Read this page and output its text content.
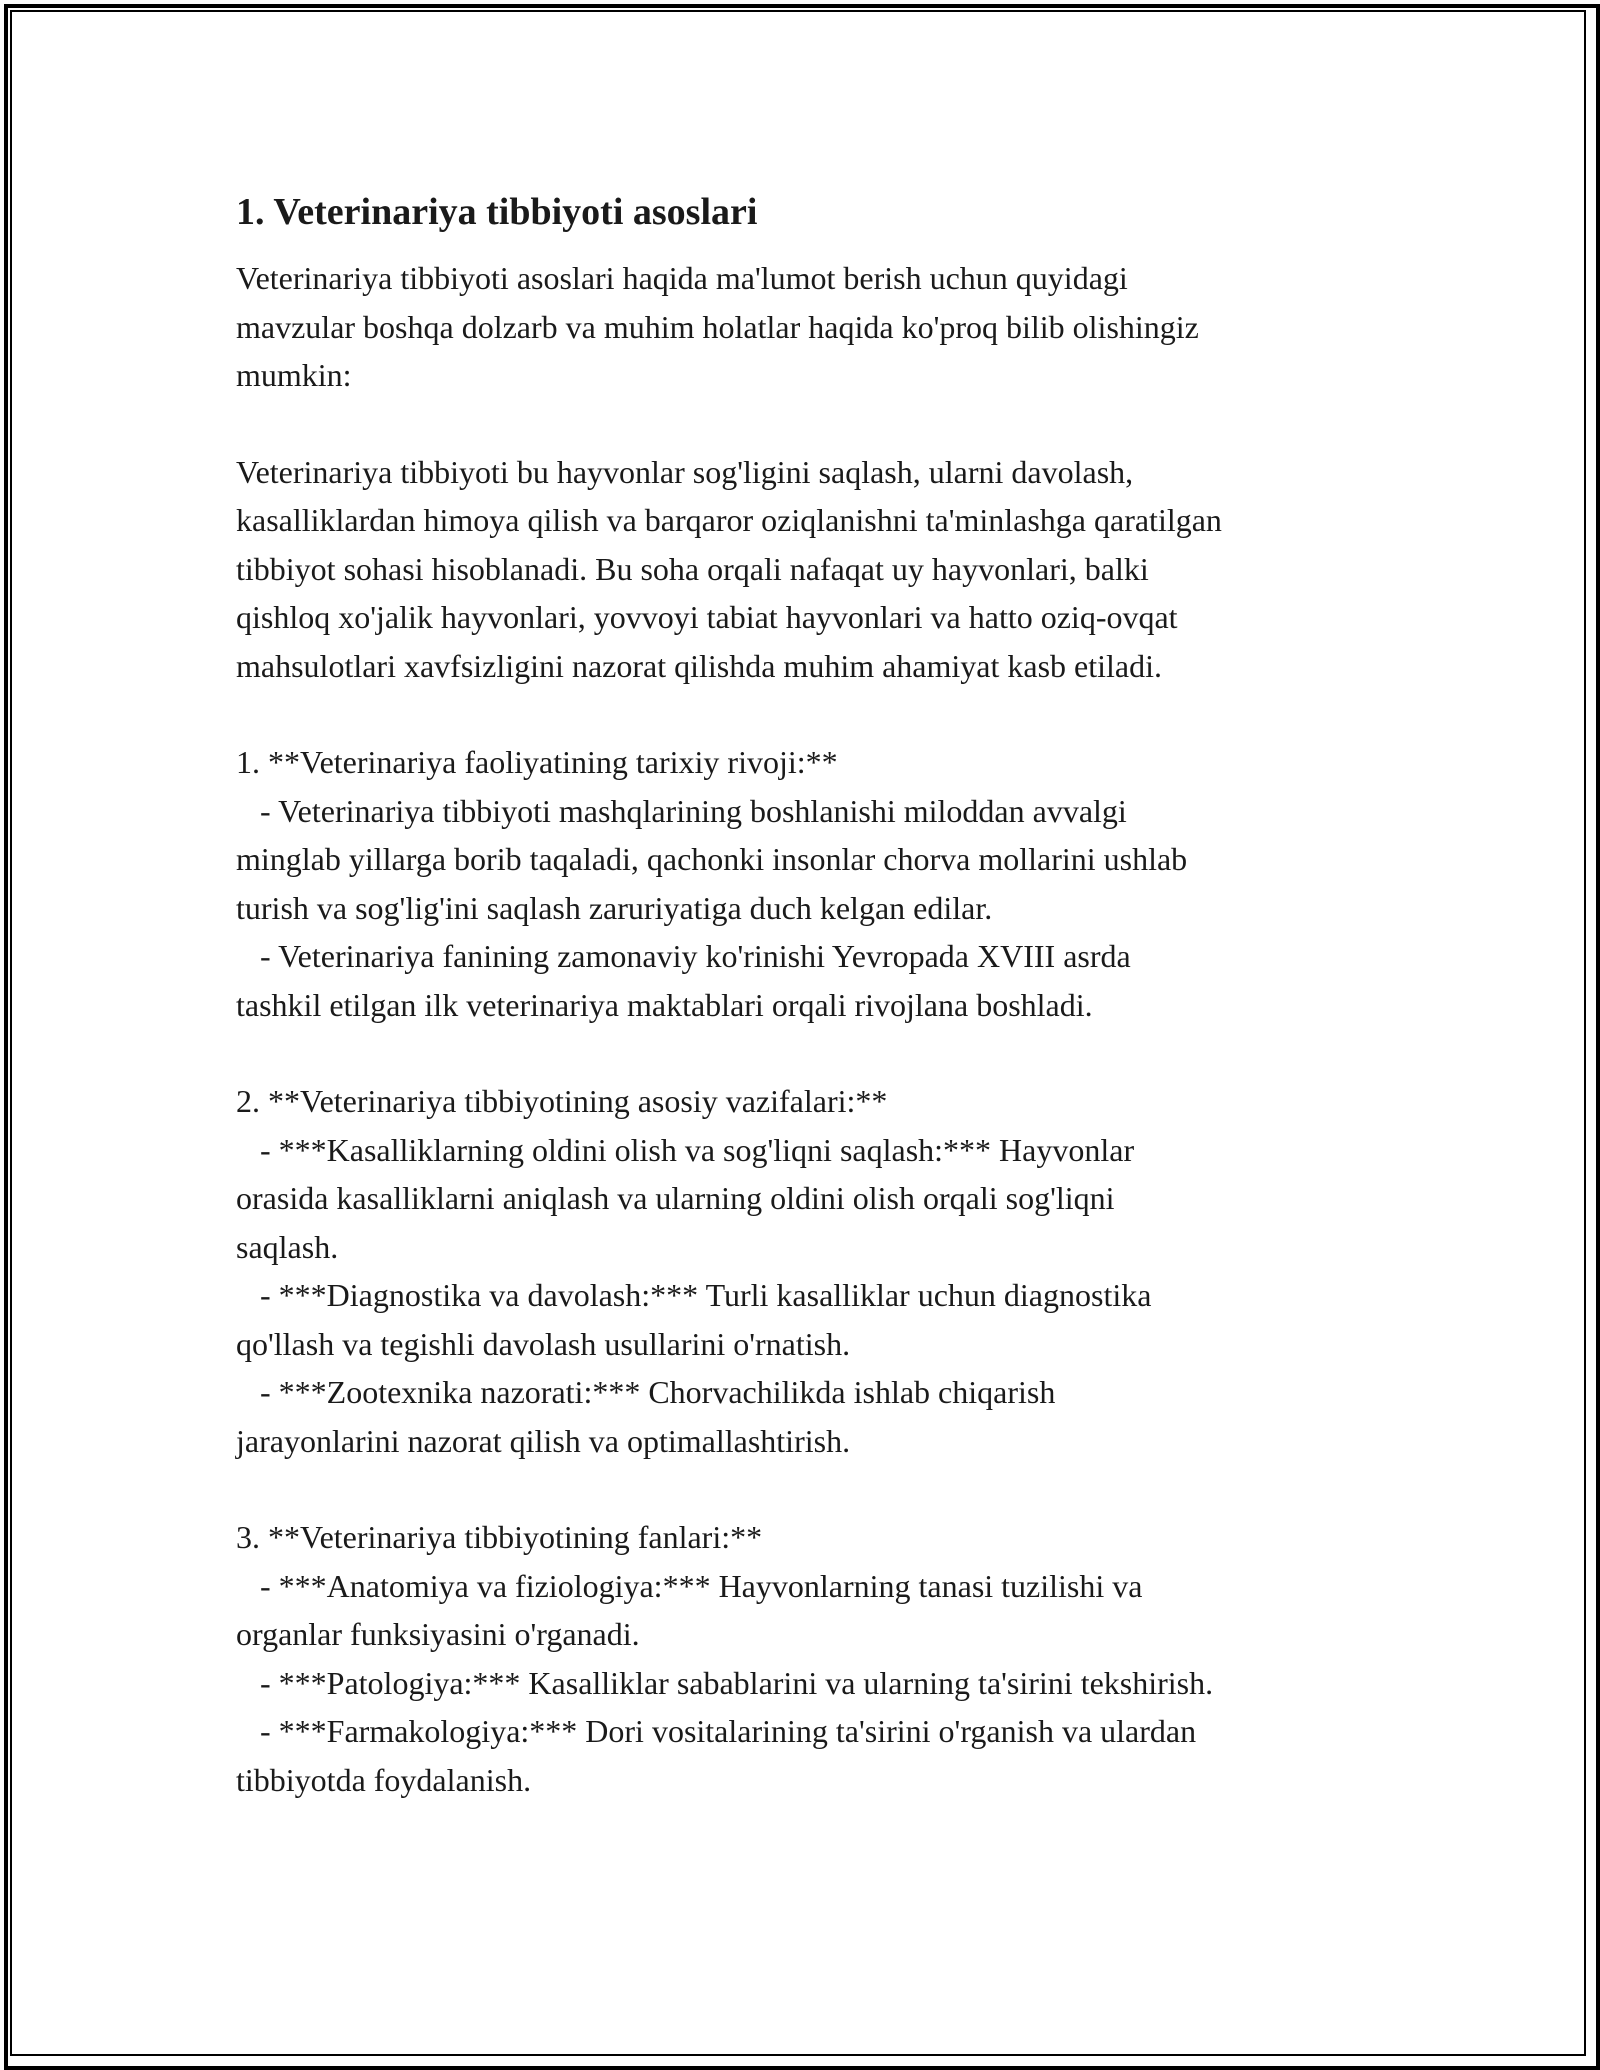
1. Veterinariya tibbiyoti asoslari
Veterinariya tibbiyoti asoslari haqida ma'lumot berish uchun quyidagi
mavzular boshqa dolzarb va muhim holatlar haqida ko'proq bilib olishingiz
mumkin:
Veterinariya tibbiyoti bu hayvonlar sog'ligini saqlash, ularni davolash,
kasalliklardan himoya qilish va barqaror oziqlanishni ta'minlashga qaratilgan
tibbiyot sohasi hisoblanadi. Bu soha orqali nafaqat uy hayvonlari, balki
qishloq xo'jalik hayvonlari, yovvoyi tabiat hayvonlari va hatto oziq-ovqat
mahsulotlari xavfsizligini nazorat qilishda muhim ahamiyat kasb etiladi.
1. **Veterinariya faoliyatining tarixiy rivoji:**
- Veterinariya tibbiyoti mashqlarining boshlanishi miloddan avvalgi
minglab yillarga borib taqaladi, qachonki insonlar chorva mollarini ushlab
turish va sog'lig'ini saqlash zaruriyatiga duch kelgan edilar.
- Veterinariya fanining zamonaviy ko'rinishi Yevropada XVIII asrda
tashkil etilgan ilk veterinariya maktablari orqali rivojlana boshladi.
2. **Veterinariya tibbiyotining asosiy vazifalari:**
- ***Kasalliklarning oldini olish va sog'liqni saqlash:*** Hayvonlar
orasida kasalliklarni aniqlash va ularning oldini olish orqali sog'liqni
saqlash.
- ***Diagnostika va davolash:*** Turli kasalliklar uchun diagnostika
qo'llash va tegishli davolash usullarini o'rnatish.
- ***Zootexnika nazorati:*** Chorvachilikda ishlab chiqarish
jarayonlarini nazorat qilish va optimallashtirish.
3. **Veterinariya tibbiyotining fanlari:**
- ***Anatomiya va fiziologiya:*** Hayvonlarning tanasi tuzilishi va
organlar funksiyasini o'rganadi.
- ***Patologiya:*** Kasalliklar sabablarini va ularning ta'sirini tekshirish.
- ***Farmakologiya:*** Dori vositalarining ta'sirini o'rganish va ulardan
tibbiyotda foydalanish.
